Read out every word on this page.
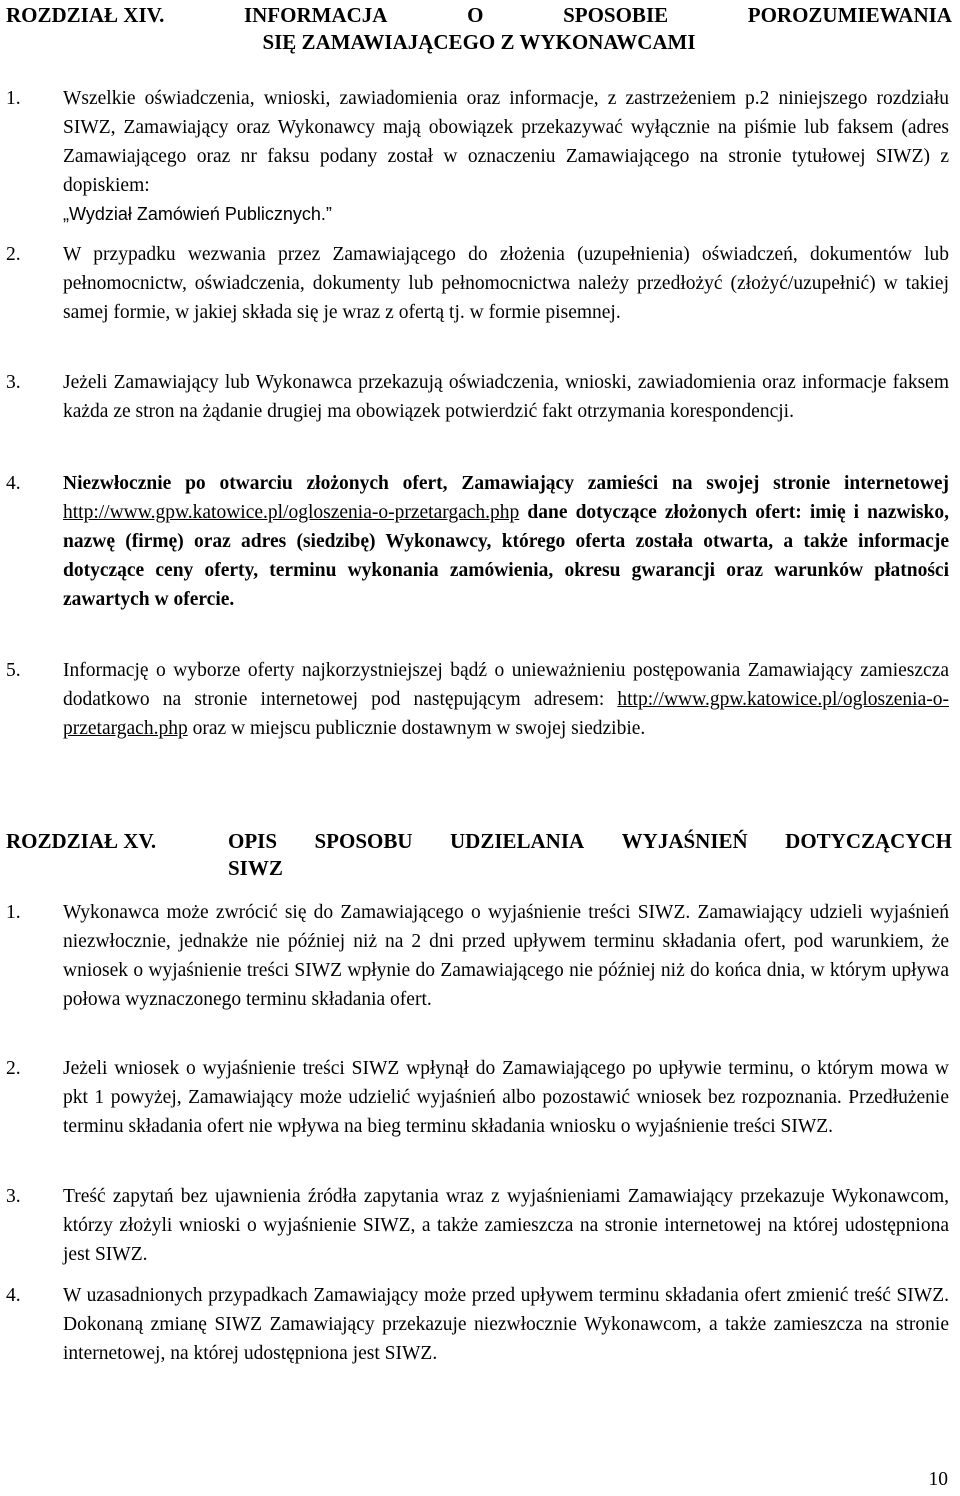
ROZDZIAŁ XIV.	INFORMACJA	O	SPOSOBIE	POROZUMIEWANIA
SIĘ ZAMAWIAJĄCEGO Z WYKONAWCAMI
1. Wszelkie oświadczenia, wnioski, zawiadomienia oraz informacje, z zastrzeżeniem p.2 niniejszego rozdziału SIWZ, Zamawiający oraz Wykonawcy mają obowiązek przekazywać wyłącznie na piśmie lub faksem (adres Zamawiającego oraz nr faksu podany został w oznaczeniu Zamawiającego na stronie tytułowej SIWZ) z dopiskiem:
„Wydział Zamówień Publicznych.”
2. W przypadku wezwania przez Zamawiającego do złożenia (uzupełnienia) oświadczeń, dokumentów lub pełnomocnictw, oświadczenia, dokumenty lub pełnomocnictwa należy przedłożyć (złożyć/uzupełnić) w takiej samej formie, w jakiej składa się je wraz z ofertą tj. w formie pisemnej.
3. Jeżeli Zamawiający lub Wykonawca przekazują oświadczenia, wnioski, zawiadomienia oraz informacje faksem każda ze stron na żądanie drugiej ma obowiązek potwierdzić fakt otrzymania korespondencji.
4. Niezwłocznie po otwarciu złożonych ofert, Zamawiający zamieści na swojej stronie internetowej http://www.gpw.katowice.pl/ogloszenia-o-przetargach.php dane dotyczące złożonych ofert: imię i nazwisko, nazwę (firmę) oraz adres (siedzibę) Wykonawcy, którego oferta została otwarta, a także informacje dotyczące ceny oferty, terminu wykonania zamówienia, okresu gwarancji oraz warunków płatności zawartych w ofercie.
5. Informację o wyborze oferty najkorzystniejszej bądź o unieważnieniu postępowania Zamawiający zamieszcza dodatkowo na stronie internetowej pod następującym adresem: http://www.gpw.katowice.pl/ogloszenia-o-przetargach.php oraz w miejscu publicznie dostawnym w swojej siedzibie.
ROZDZIAŁ XV.	OPIS SPOSOBU UDZIELANIA WYJAŚNIEŃ DOTYCZĄCYCH
SIWZ
1. Wykonawca może zwrócić się do Zamawiającego o wyjaśnienie treści SIWZ. Zamawiający udzieli wyjaśnień niezwłocznie, jednakże nie później niż na 2 dni przed upływem terminu składania ofert, pod warunkiem, że wniosek o wyjaśnienie treści SIWZ wpłynie do Zamawiającego nie później niż do końca dnia, w którym upływa połowa wyznaczonego terminu składania ofert.
2. Jeżeli wniosek o wyjaśnienie treści SIWZ wpłynął do Zamawiającego po upływie terminu, o którym mowa w pkt 1 powyżej, Zamawiający może udzielić wyjaśnień albo pozostawić wniosek bez rozpoznania. Przedłużenie terminu składania ofert nie wpływa na bieg terminu składania wniosku o wyjaśnienie treści SIWZ.
3. Treść zapytań bez ujawnienia źródła zapytania wraz z wyjaśnieniami Zamawiający przekazuje Wykonawcom, którzy złożyli wnioski o wyjaśnienie SIWZ, a także zamieszcza na stronie internetowej na której udostępniona jest SIWZ.
4. W uzasadnionych przypadkach Zamawiający może przed upływem terminu składania ofert zmienić treść SIWZ. Dokonaną zmianę SIWZ Zamawiający przekazuje niezwłocznie Wykonawcom, a także zamieszcza na stronie internetowej, na której udostępniona jest SIWZ.
10
